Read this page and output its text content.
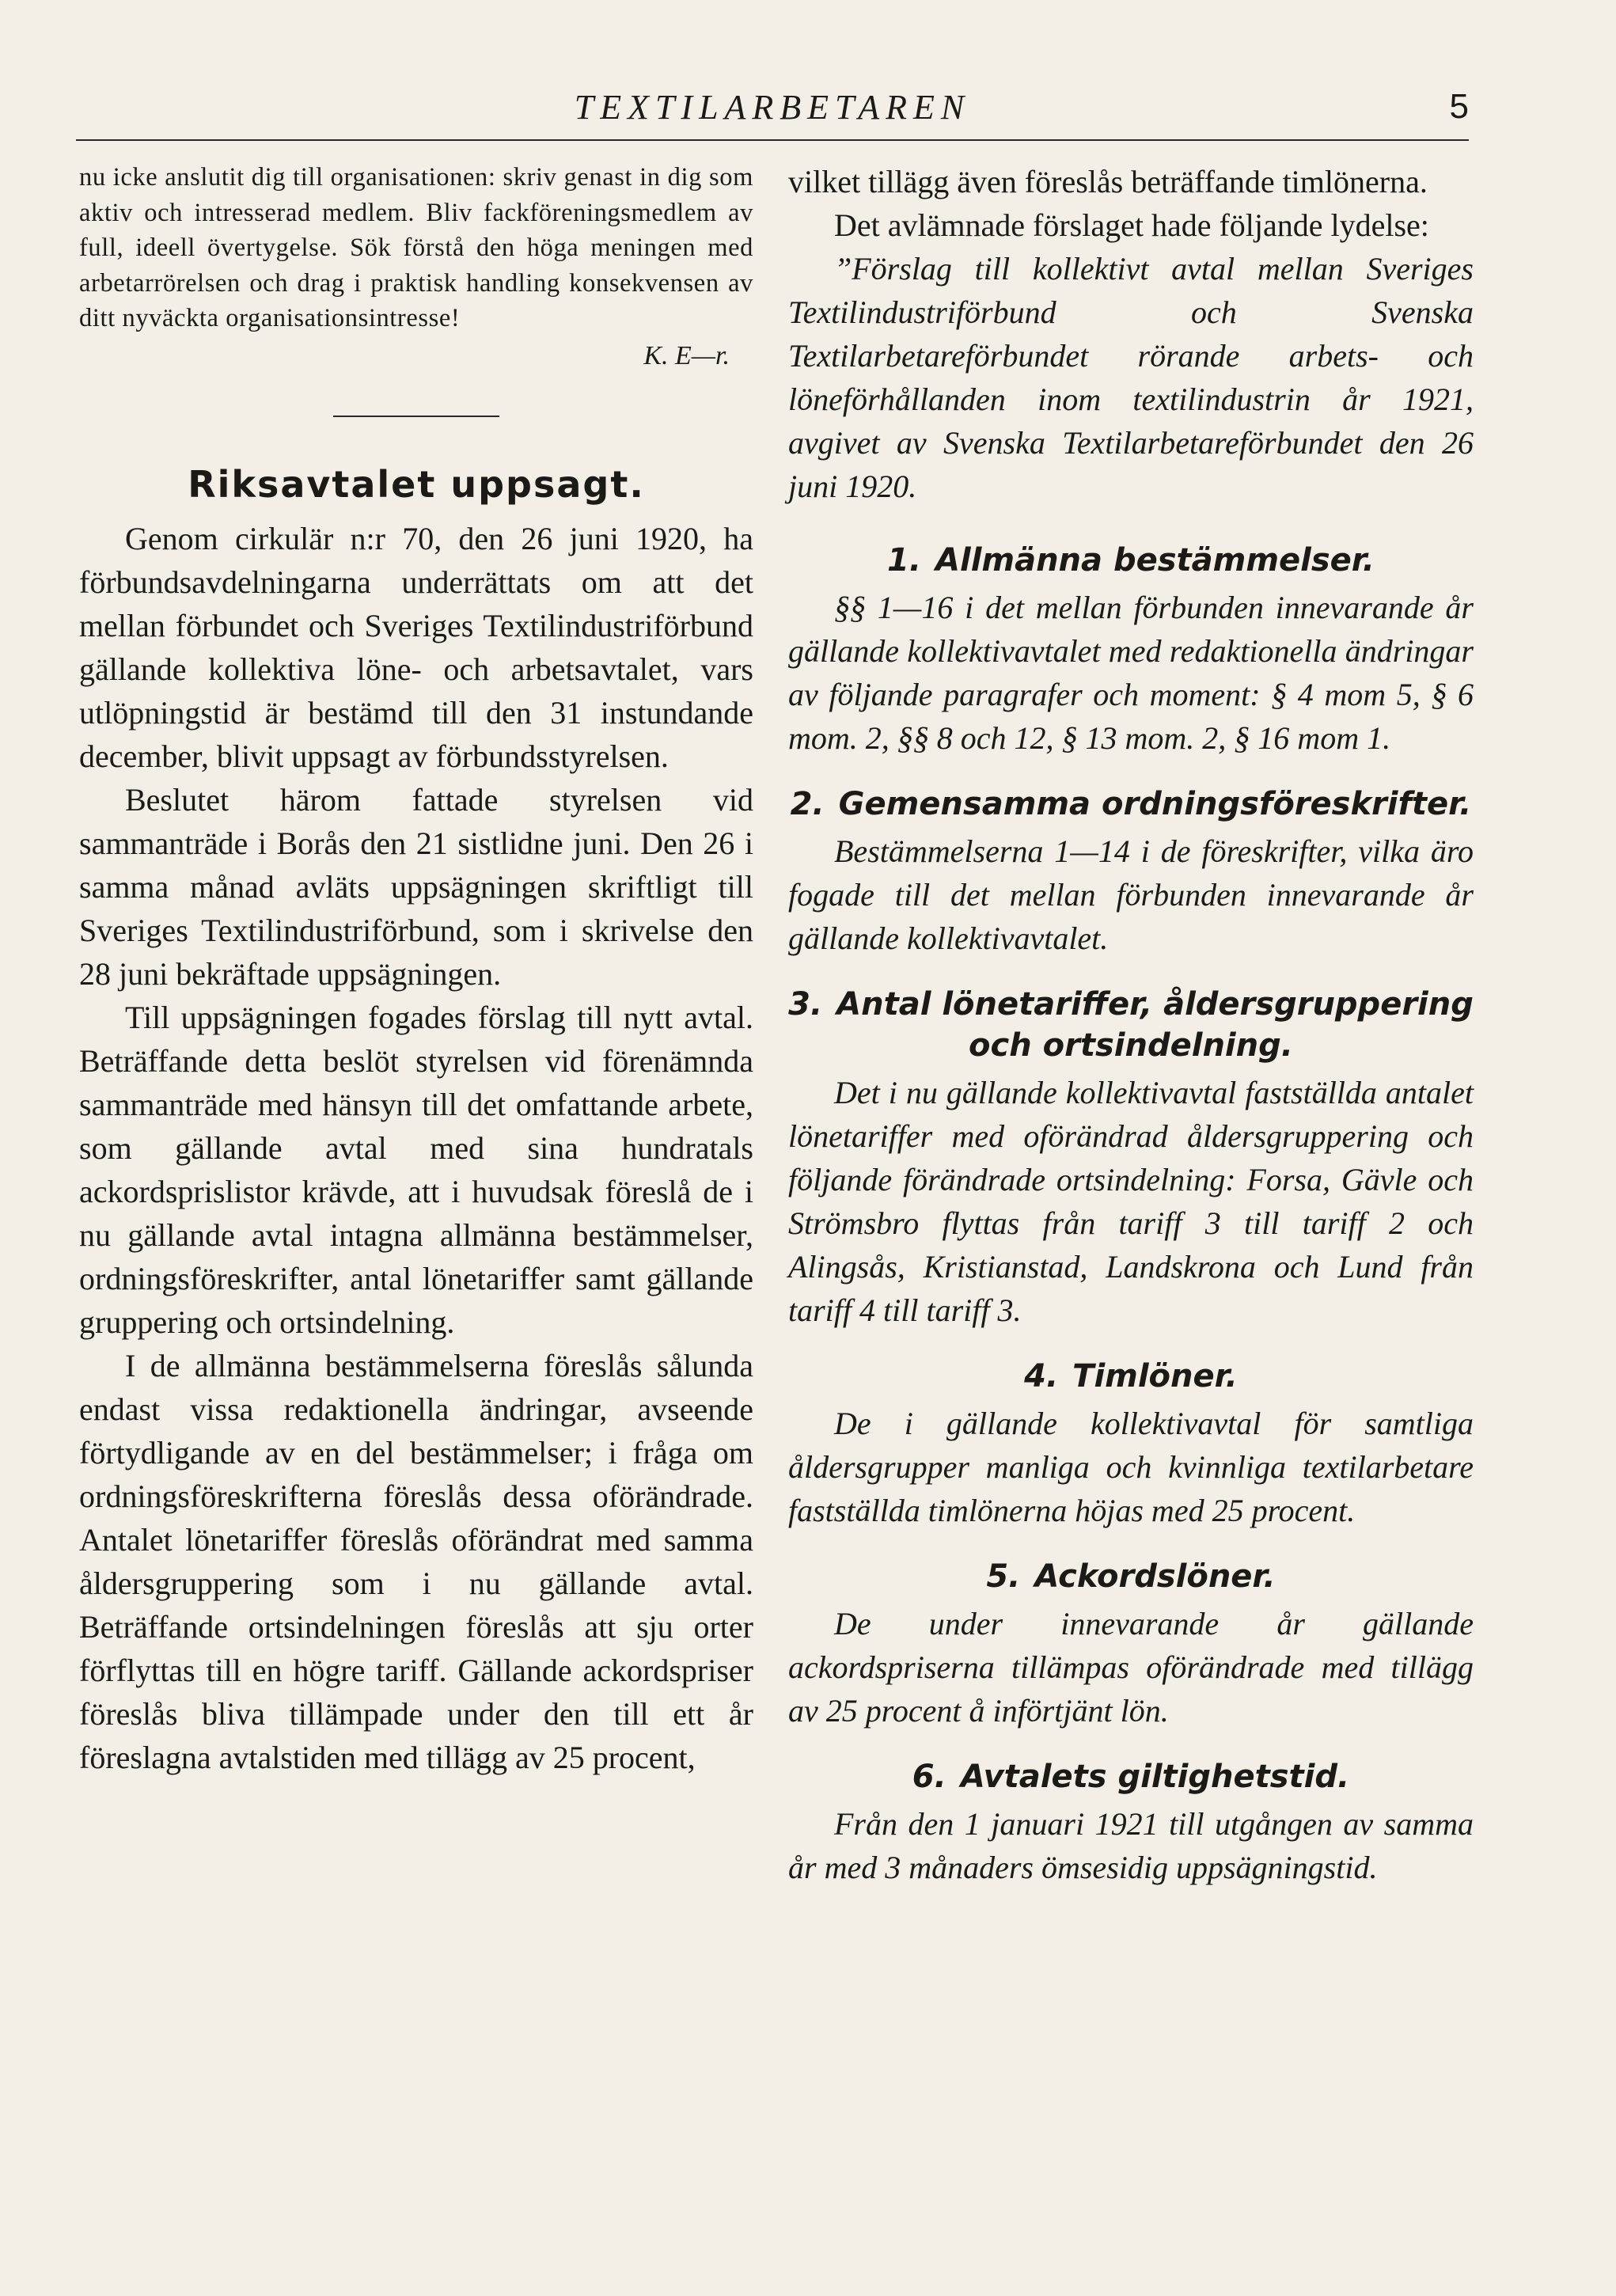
TEXTILARBETAREN	5

nu icke anslutit dig till organisationen: skriv genast in dig som aktiv och intresserad medlem. Bliv fackföreningsmedlem av full, ideell övertygelse. Sök förstå den höga meningen med arbetarrörelsen och drag i praktisk handling konsekvensen av ditt nyväckta organisationsintresse!

K. E—r.
Riksavtalet uppsagt.

Genom cirkulär n:r 70, den 26 juni 1920, ha förbundsavdelningarna underrättats om att det mellan förbundet och Sveriges Textilindustriförbund gällande kollektiva löne- och arbetsavtalet, vars utlöpningstid är bestämd till den 31 instundande december, blivit uppsagt av förbundsstyrelsen.

Beslutet härom fattade styrelsen vid sammanträde i Borås den 21 sistlidne juni. Den 26 i samma månad avläts uppsägningen skriftligt till Sveriges Textilindustriförbund, som i skrivelse den 28 juni bekräftade uppsägningen.

Till uppsägningen fogades förslag till nytt avtal. Beträffande detta beslöt styrelsen vid förenämnda sammanträde med hänsyn till det omfattande arbete, som gällande avtal med sina hundratals ackordsprislistor krävde, att i huvudsak föreslå de i nu gällande avtal intagna allmänna bestämmelser, ordningsföreskrifter, antal lönetariffer samt gällande gruppering och ortsindelning.

I de allmänna bestämmelserna föreslås sålunda endast vissa redaktionella ändringar, avseende förtydligande av en del bestämmelser; i fråga om ordningsföreskrifterna föreslås dessa oförändrade. Antalet lönetariffer föreslås oförändrat med samma åldersgruppering som i nu gällande avtal. Beträffande ortsindelningen föreslås att sju orter förflyttas till en högre tariff. Gällande ackordspriser föreslås bliva tillämpade under den till ett år föreslagna avtalstiden med tillägg av 25 procent,

vilket tillägg även föreslås beträffande timlönerna.

Det avlämnade förslaget hade följande lydelse:

”Förslag till kollektivt avtal mellan Sveriges Textilindustriförbund och Svenska Textilarbetareförbundet rörande arbets- och löneförhållanden inom textilindustrin år 1921, avgivet av Svenska Textilarbetareförbundet den 26 juni 1920.

1. Allmänna bestämmelser.

§§ 1—16 i det mellan förbunden innevarande år gällande kollektivavtalet med redaktionella ändringar av följande paragrafer och moment: § 4 mom 5, § 6 mom. 2, §§ 8 och 12, § 13 mom. 2, § 16 mom 1.

2. Gemensamma ordningsföreskrifter.

Bestämmelserna 1—14 i de föreskrifter, vilka äro fogade till det mellan förbunden innevarande år gällande kollektivavtalet.

3. Antal lönetariffer, åldersgruppering och ortsindelning.

Det i nu gällande kollektivavtal fastställda antalet lönetariffer med oförändrad åldersgruppering och följande förändrade ortsindelning: Forsa, Gävle och Strömsbro flyttas från tariff 3 till tariff 2 och Alingsås, Kristianstad, Landskrona och Lund från tariff 4 till tariff 3.

4. Timlöner.

De i gällande kollektivavtal för samtliga åldersgrupper manliga och kvinnliga textilarbetare fastställda timlönerna höjas med 25 procent.

5. Ackordslöner.

De under innevarande år gällande ackordspriserna tillämpas oförändrade med tillägg av 25 procent å införtjänt lön.

6. Avtalets giltighetstid.

Från den 1 januari 1921 till utgången av samma år med 3 månaders ömsesidig uppsägningstid.
